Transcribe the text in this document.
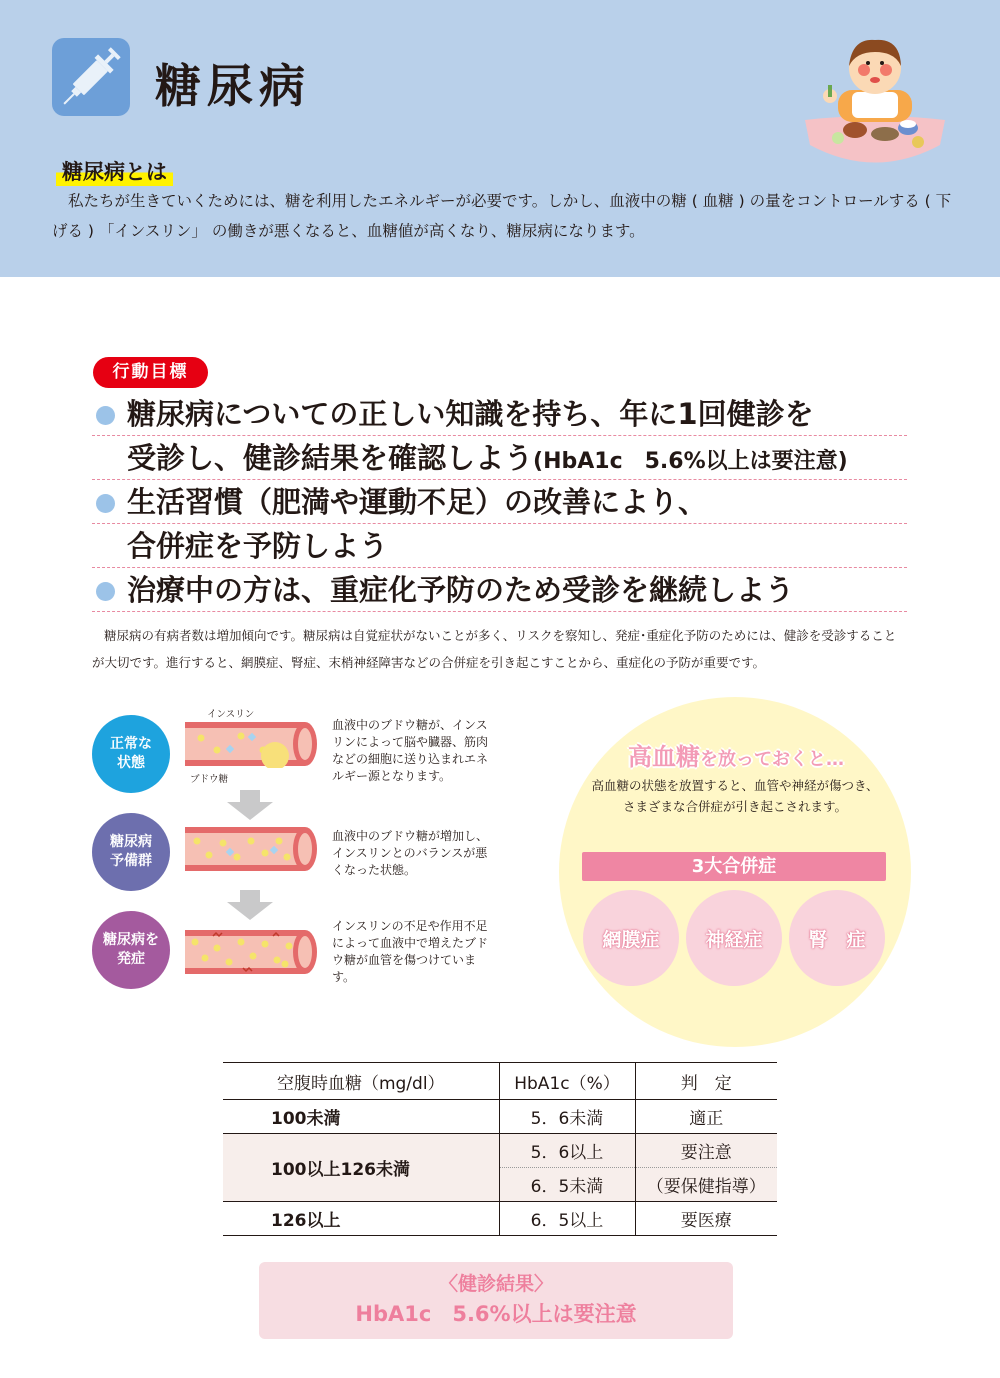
糖尿病
糖尿病とは
私たちが生きていくためには、糖を利用したエネルギーが必要です。しかし、血液中の糖 ( 血糖 ) の量をコントロールする ( 下げる ) 「インスリン」 の働きが悪くなると、血糖値が高くなり、糖尿病になります。
行動目標
糖尿病についての正しい知識を持ち、年に1回健診を
受診し、健診結果を確認しよう(HbA1c　5.6%以上は要注意)
生活習慣（肥満や運動不足）の改善により、
合併症を予防しよう
治療中の方は、重症化予防のため受診を継続しよう
糖尿病の有病者数は増加傾向です。糖尿病は自覚症状がないことが多く、リスクを察知し、発症･重症化予防のためには、健診を受診することが大切です。進行すると、網膜症、腎症、末梢神経障害などの合併症を引き起こすことから、重症化の予防が重要です。
正常な
状態
糖尿病
予備群
糖尿病を
発症
インスリン
ブドウ糖
血液中のブドウ糖が、インスリンによって脳や臓器、筋肉などの細胞に送り込まれエネルギー源となります。
血液中のブドウ糖が増加し、インスリンとのバランスが悪くなった状態。
インスリンの不足や作用不足によって血液中で増えたブドウ糖が血管を傷つけています。
高血糖を放っておくと…
高血糖の状態を放置すると、血管や神経が傷つき、さまざまな合併症が引き起こされます。
3大合併症
網膜症	神経症	腎　症
空腹時血糖（mg/dl）	HbA1c（%）	判　定
100未満	5．6未満	適正
100以上126未満	5．6以上	要注意
	6．5未満	（要保健指導）
126以上	6．5以上	要医療
〈健診結果〉
HbA1c　5.6%以上は要注意
